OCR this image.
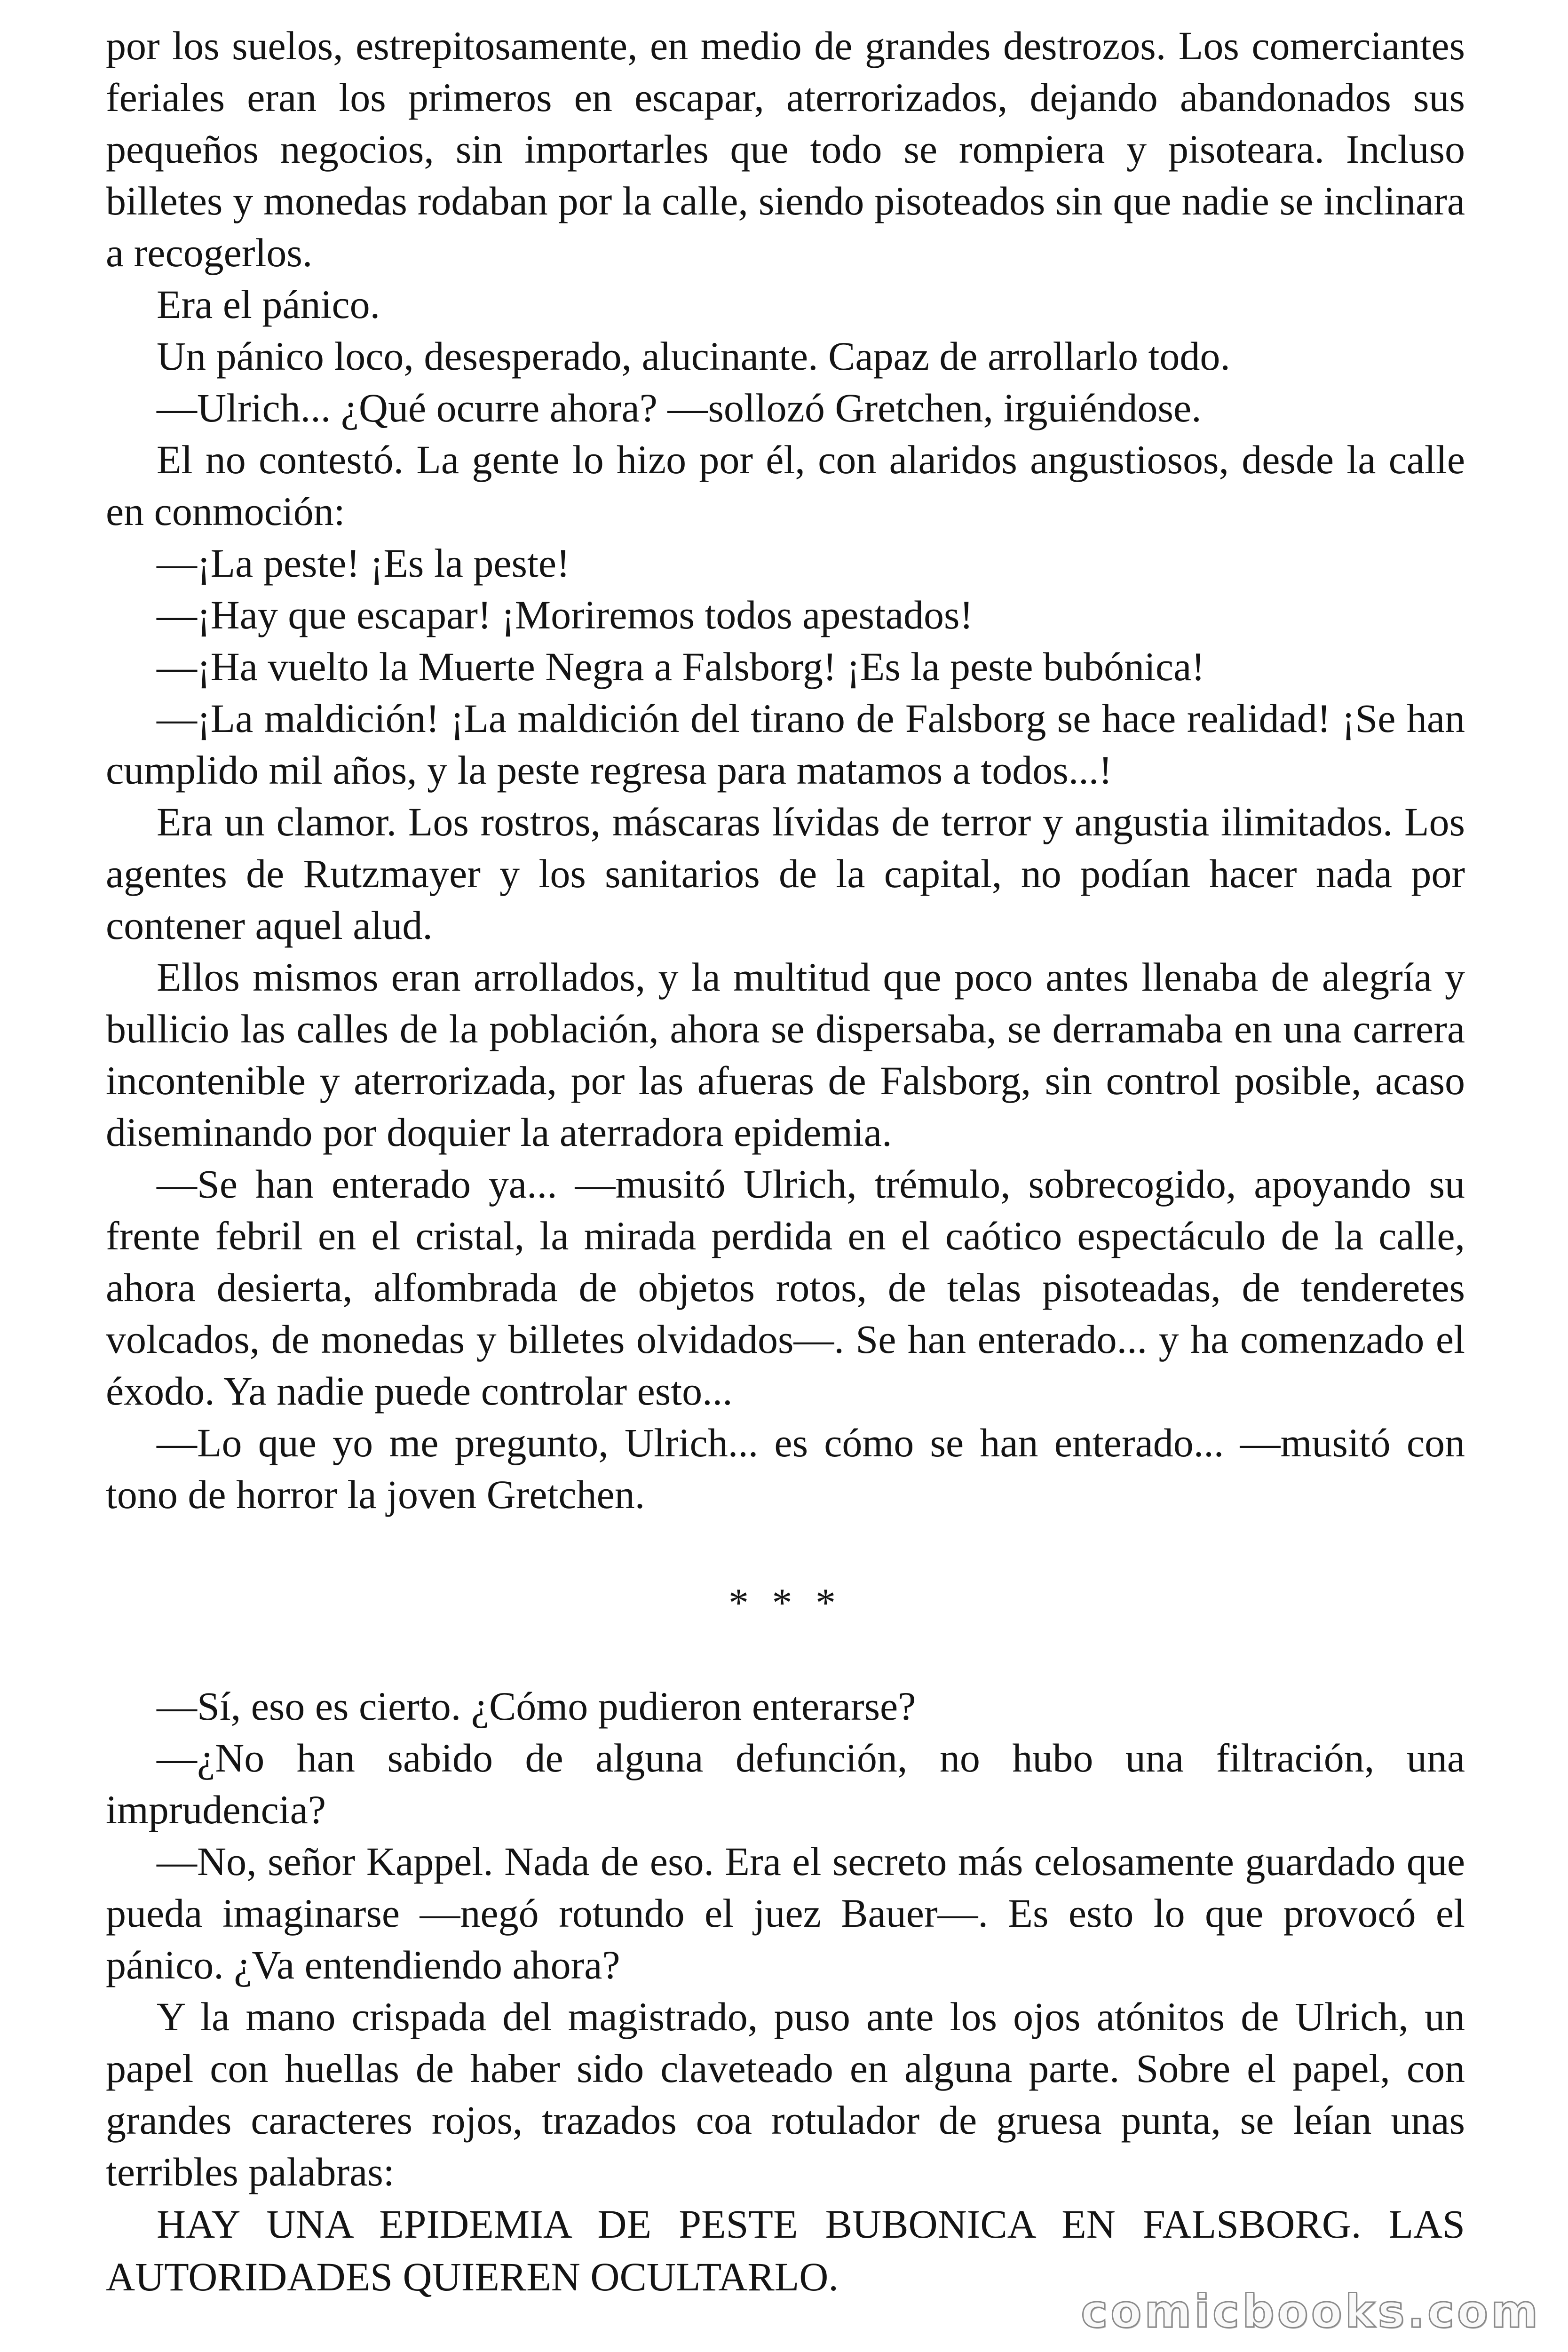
por los suelos, estrepitosamente, en medio de grandes destrozos. Los comerciantes feriales eran los primeros en escapar, aterrorizados, dejando abandonados sus pequeños negocios, sin importarles que todo se rompiera y pisoteara. Incluso billetes y monedas rodaban por la calle, siendo pisoteados sin que nadie se inclinara a recogerlos.

Era el pánico.

Un pánico loco, desesperado, alucinante. Capaz de arrollarlo todo.

—Ulrich... ¿Qué ocurre ahora? —sollozó Gretchen, irguiéndose.

El no contestó. La gente lo hizo por él, con alaridos angustiosos, desde la calle en conmoción:

—¡La peste! ¡Es la peste!

—¡Hay que escapar! ¡Moriremos todos apestados!

—¡Ha vuelto la Muerte Negra a Falsborg! ¡Es la peste bubónica!

—¡La maldición! ¡La maldición del tirano de Falsborg se hace realidad! ¡Se han cumplido mil años, y la peste regresa para matamos a todos...!

Era un clamor. Los rostros, máscaras lívidas de terror y angustia ilimitados. Los agentes de Rutzmayer y los sanitarios de la capital, no podían hacer nada por contener aquel alud.

Ellos mismos eran arrollados, y la multitud que poco antes llenaba de alegría y bullicio las calles de la población, ahora se dispersaba, se derramaba en una carrera incontenible y aterrorizada, por las afueras de Falsborg, sin control posible, acaso diseminando por doquier la aterradora epidemia.

—Se han enterado ya... —musitó Ulrich, trémulo, sobrecogido, apoyando su frente febril en el cristal, la mirada perdida en el caótico espectáculo de la calle, ahora desierta, alfombrada de objetos rotos, de telas pisoteadas, de tenderetes volcados, de monedas y billetes olvidados—. Se han enterado... y ha comenzado el éxodo. Ya nadie puede controlar esto...

—Lo que yo me pregunto, Ulrich... es cómo se han enterado... —musitó con tono de horror la joven Gretchen.

* * *

—Sí, eso es cierto. ¿Cómo pudieron enterarse?

—¿No han sabido de alguna defunción, no hubo una filtración, una imprudencia?

—No, señor Kappel. Nada de eso. Era el secreto más celosamente guardado que pueda imaginarse —negó rotundo el juez Bauer—. Es esto lo que provocó el pánico. ¿Va entendiendo ahora?

Y la mano crispada del magistrado, puso ante los ojos atónitos de Ulrich, un papel con huellas de haber sido claveteado en alguna parte. Sobre el papel, con grandes caracteres rojos, trazados coa rotulador de gruesa punta, se leían unas terribles palabras:

HAY UNA EPIDEMIA DE PESTE BUBONICA EN FALSBORG. LAS AUTORIDADES QUIEREN OCULTARLO.

comicbooks.com
